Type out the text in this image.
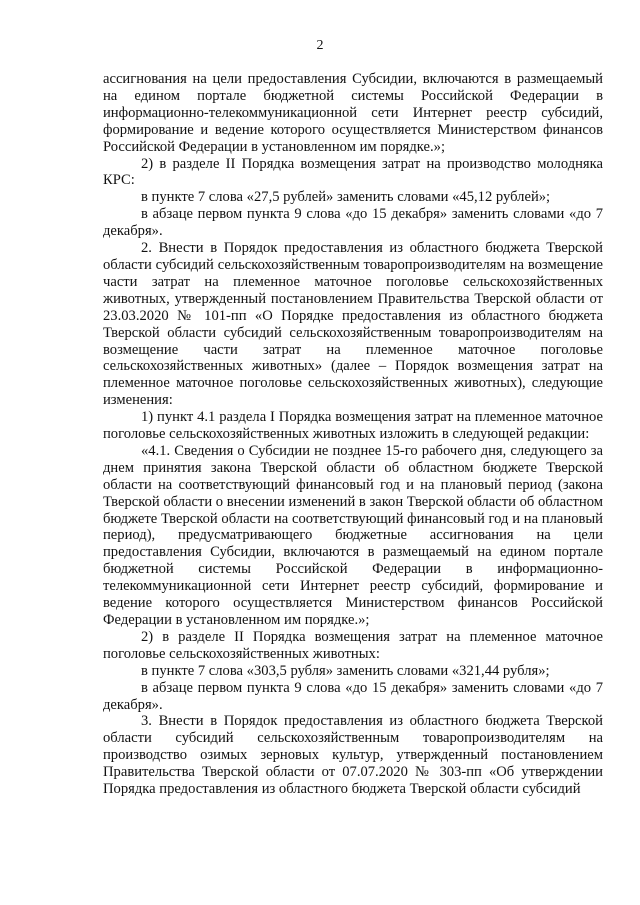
2

ассигнования на цели предоставления Субсидии, включаются в размещаемый на едином портале бюджетной системы Российской Федерации в информационно-телекоммуникационной сети Интернет реестр субсидий, формирование и ведение которого осуществляется Министерством финансов Российской Федерации в установленном им порядке.»;

2) в разделе II Порядка возмещения затрат на производство молодняка КРС:

в пункте 7 слова «27,5 рублей» заменить словами «45,12 рублей»;

в абзаце первом пункта 9 слова «до 15 декабря» заменить словами «до 7 декабря».

2. Внести в Порядок предоставления из областного бюджета Тверской области субсидий сельскохозяйственным товаропроизводителям на возмещение части затрат на племенное маточное поголовье сельскохозяйственных животных, утвержденный постановлением Правительства Тверской области от 23.03.2020 № 101-пп «О Порядке предоставления из областного бюджета Тверской области субсидий сельскохозяйственным товаропроизводителям на возмещение части затрат на племенное маточное поголовье сельскохозяйственных животных» (далее – Порядок возмещения затрат на племенное маточное поголовье сельскохозяйственных животных), следующие изменения:

1) пункт 4.1 раздела I Порядка возмещения затрат на племенное маточное поголовье сельскохозяйственных животных изложить в следующей редакции:

«4.1. Сведения о Субсидии не позднее 15-го рабочего дня, следующего за днем принятия закона Тверской области об областном бюджете Тверской области на соответствующий финансовый год и на плановый период (закона Тверской области о внесении изменений в закон Тверской области об областном бюджете Тверской области на соответствующий финансовый год и на плановый период), предусматривающего бюджетные ассигнования на цели предоставления Субсидии, включаются в размещаемый на едином портале бюджетной системы Российской Федерации в информационно-телекоммуникационной сети Интернет реестр субсидий, формирование и ведение которого осуществляется Министерством финансов Российской Федерации в установленном им порядке.»;

2) в разделе II Порядка возмещения затрат на племенное маточное поголовье сельскохозяйственных животных:

в пункте 7 слова «303,5 рубля» заменить словами «321,44 рубля»;

в абзаце первом пункта 9 слова «до 15 декабря» заменить словами «до 7 декабря».

3. Внести в Порядок предоставления из областного бюджета Тверской области субсидий сельскохозяйственным товаропроизводителям на производство озимых зерновых культур, утвержденный постановлением Правительства Тверской области от 07.07.2020 № 303-пп «Об утверждении Порядка предоставления из областного бюджета Тверской области субсидий
